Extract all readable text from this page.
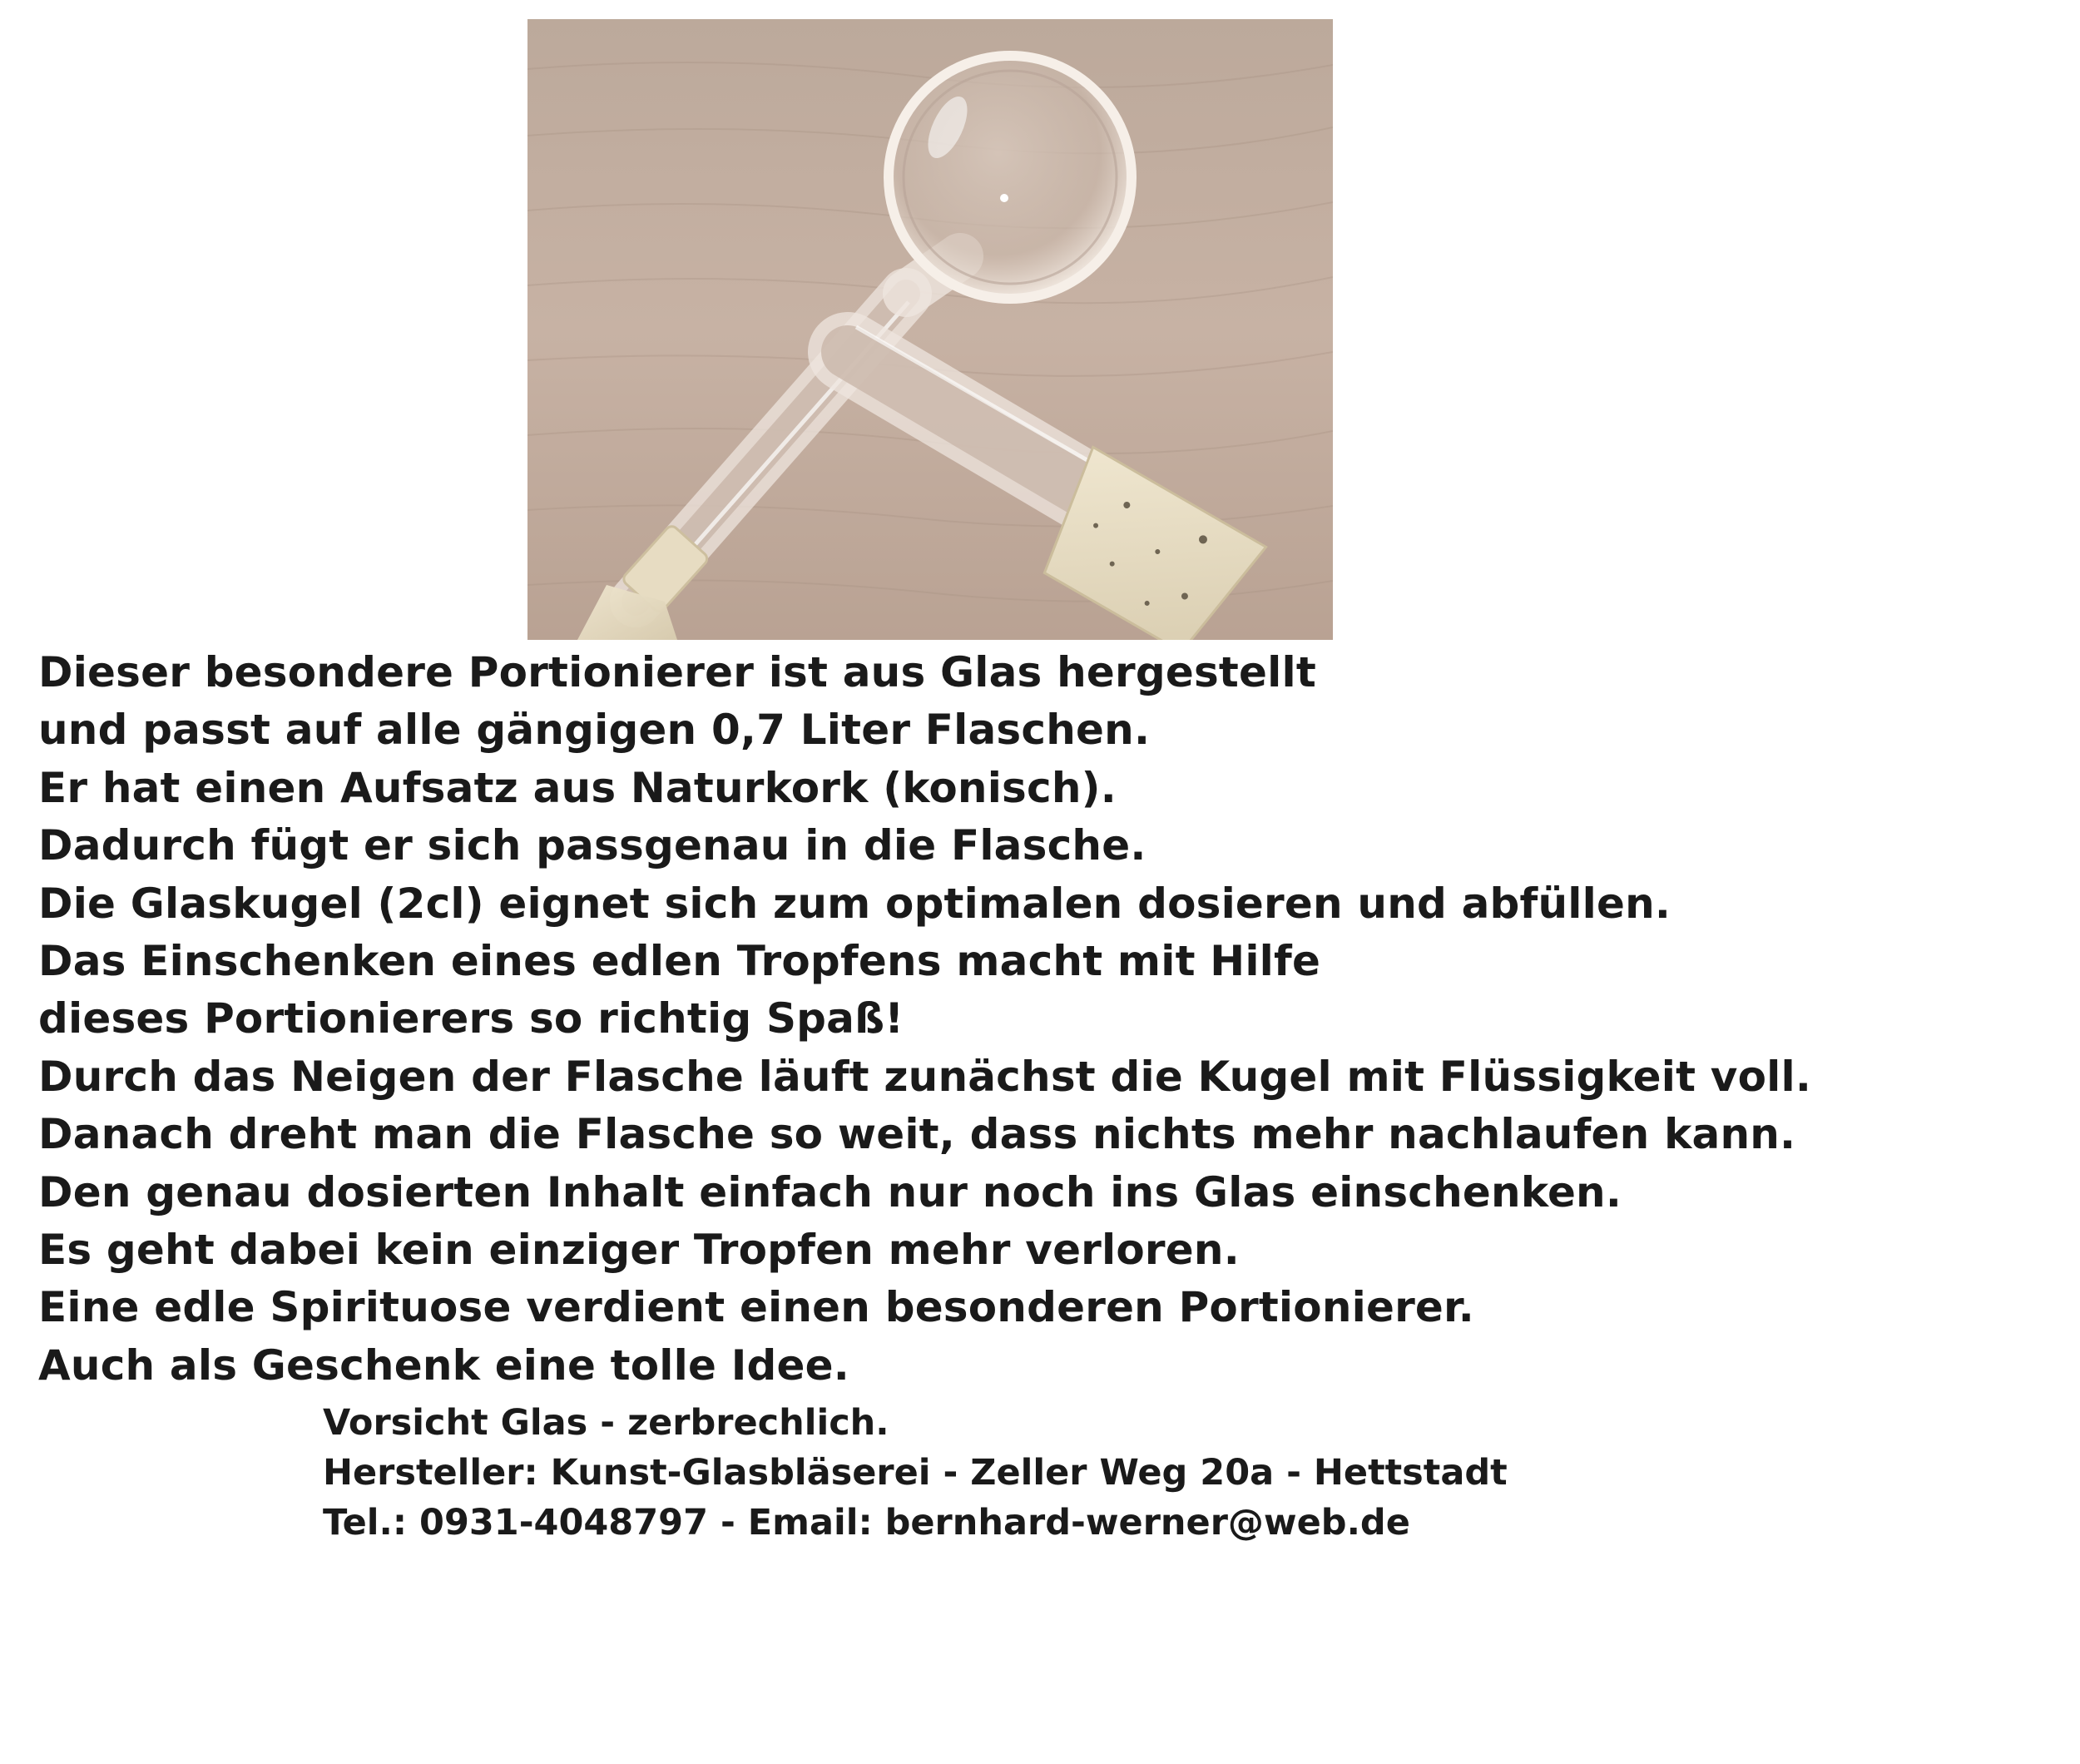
Dieser besondere Portionierer ist aus Glas hergestellt
und passt auf alle gängigen 0,7 Liter Flaschen.
Er hat einen Aufsatz aus Naturkork (konisch).
Dadurch fügt er sich passgenau in die Flasche.
Die Glaskugel (2cl) eignet sich zum optimalen dosieren und abfüllen.
Das Einschenken eines edlen Tropfens macht mit Hilfe
dieses Portionierers so richtig Spaß!
Durch das Neigen der Flasche läuft zunächst die Kugel mit Flüssigkeit voll.
Danach dreht man die Flasche so weit, dass nichts mehr nachlaufen kann.
Den genau dosierten Inhalt einfach nur noch ins Glas einschenken.
Es geht dabei kein einziger Tropfen mehr verloren.
Eine edle Spirituose verdient einen besonderen Portionierer.
Auch als Geschenk eine tolle Idee.
Vorsicht Glas - zerbrechlich.
Hersteller: Kunst-Glasbläserei - Zeller Weg 20a - Hettstadt
Tel.: 0931-4048797 - Email: bernhard-werner@web.de
